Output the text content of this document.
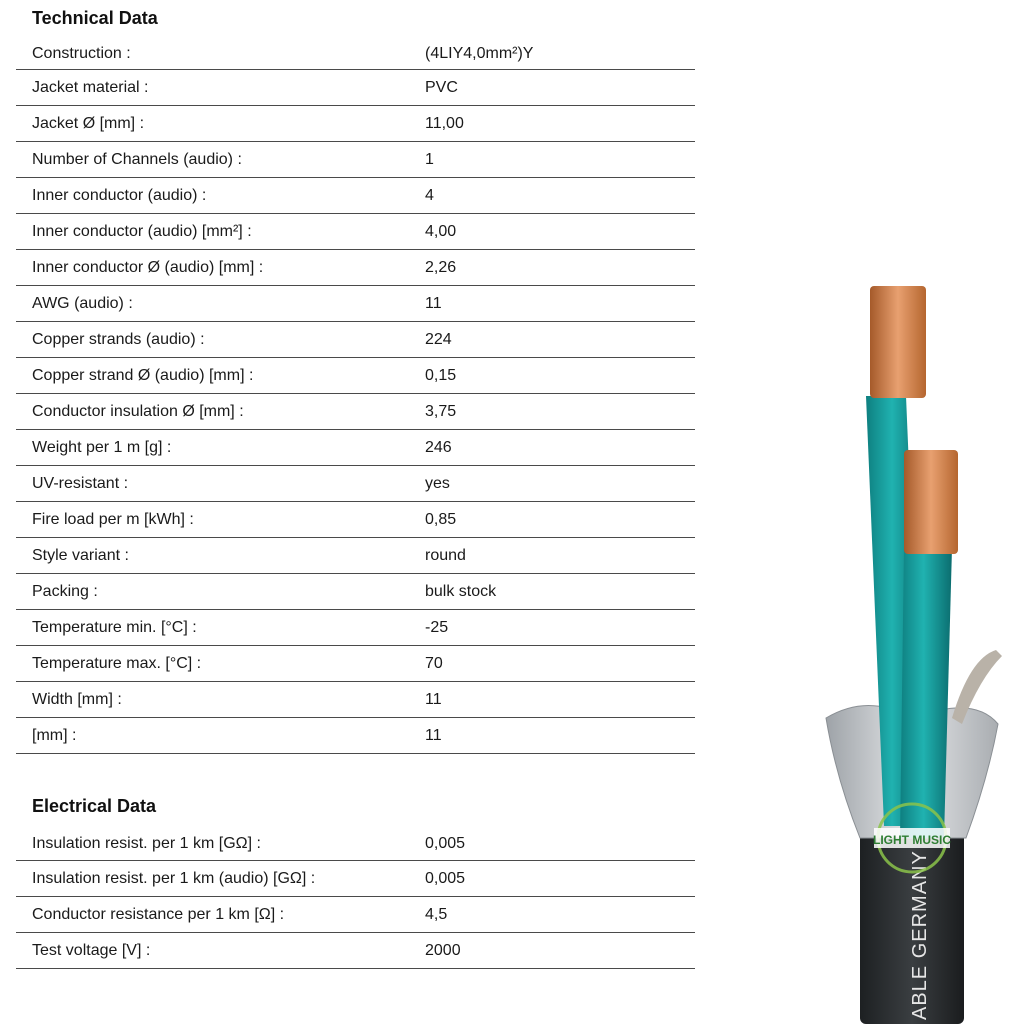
Technical Data
Construction :	(4LIY4,0mm²)Y
Jacket material :	PVC
Jacket Ø [mm] :	11,00
Number of Channels (audio) :	1
Inner conductor (audio) :	4
Inner conductor (audio) [mm²] :	4,00
Inner conductor Ø (audio) [mm] :	2,26
AWG (audio) :	11
Copper strands (audio) :	224
Copper strand Ø (audio) [mm] :	0,15
Conductor insulation Ø [mm] :	3,75
Weight per 1 m [g] :	246
UV-resistant :	yes
Fire load per m [kWh] :	0,85
Style variant :	round
Packing :	bulk stock
Temperature min. [°C] :	-25
Temperature max. [°C] :	70
Width [mm] :	11
[mm] :	11
Electrical Data
Insulation resist. per 1 km [GΩ] :	0,005
Insulation resist. per 1 km (audio) [GΩ] :	0,005
Conductor resistance per 1 km [Ω] :	4,5
Test voltage [V] :	2000	ABLE GERMANY
LIGHT MUSIC
